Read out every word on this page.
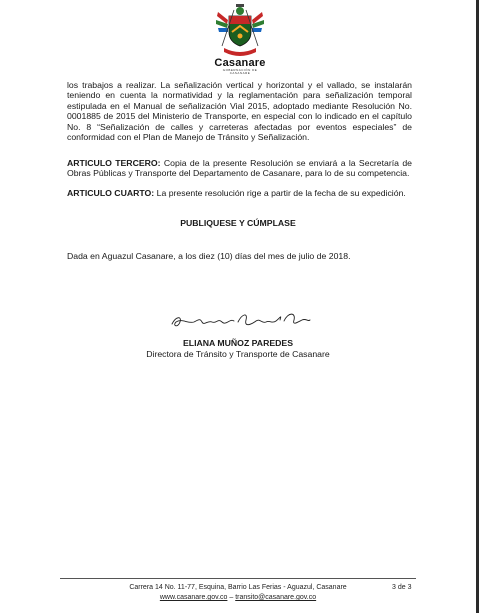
Casanare
GOBERNACIÓN DE CASANARE
los trabajos a realizar. La señalización vertical y horizontal y el vallado, se instalarán teniendo en cuenta la normatividad y la reglamentación para señalización temporal estipulada en el Manual de señalización Vial 2015, adoptado mediante Resolución No. 0001885 de 2015 del Ministerio de Transporte, en especial con lo indicado en el capítulo No. 8 “Señalización de calles y carreteras afectadas por eventos especiales” de conformidad con el Plan de Manejo de Tránsito y Señalización.
ARTICULO TERCERO: Copia de la presente Resolución se enviará a la Secretaría de Obras Públicas y Transporte del Departamento de Casanare, para lo de su competencia.
ARTICULO CUARTO: La presente resolución rige a partir de la fecha de su expedición.
PUBLIQUESE Y CÚMPLASE
Dada en Aguazul Casanare, a los diez (10) días del mes de julio de 2018.
ELIANA MUÑOZ PAREDES
Directora de Tránsito y Transporte de Casanare
Carrera 14 No. 11-77, Esquina, Barrio Las Ferias - Aguazul, Casanare
www.casanare.gov.co – transito@casanare.gov.co
3 de 3
